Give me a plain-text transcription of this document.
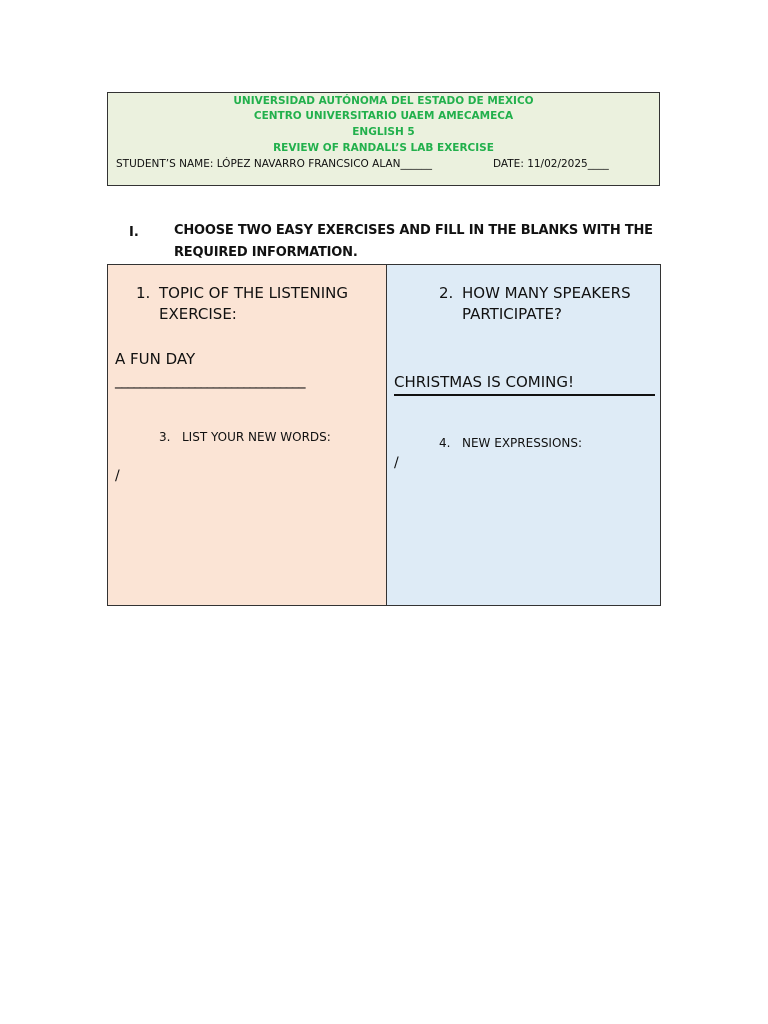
UNIVERSIDAD AUTÓNOMA DEL ESTADO DE MEXICO
CENTRO UNIVERSITARIO UAEM AMECAMECA
ENGLISH 5
REVIEW OF RANDALL’S LAB EXERCISE
STUDENT’S NAME: LÓPEZ NAVARRO FRANCSICO ALAN______	DATE: 11/02/2025____
I.	CHOOSE TWO EASY EXERCISES AND FILL IN THE BLANKS WITH THE REQUIRED INFORMATION.
1. TOPIC OF THE LISTENING EXERCISE:
A FUN DAY
_______________________________
3. LIST YOUR NEW WORDS:
/
2. HOW MANY SPEAKERS PARTICIPATE?
CHRISTMAS IS COMING!
4. NEW EXPRESSIONS:
/
